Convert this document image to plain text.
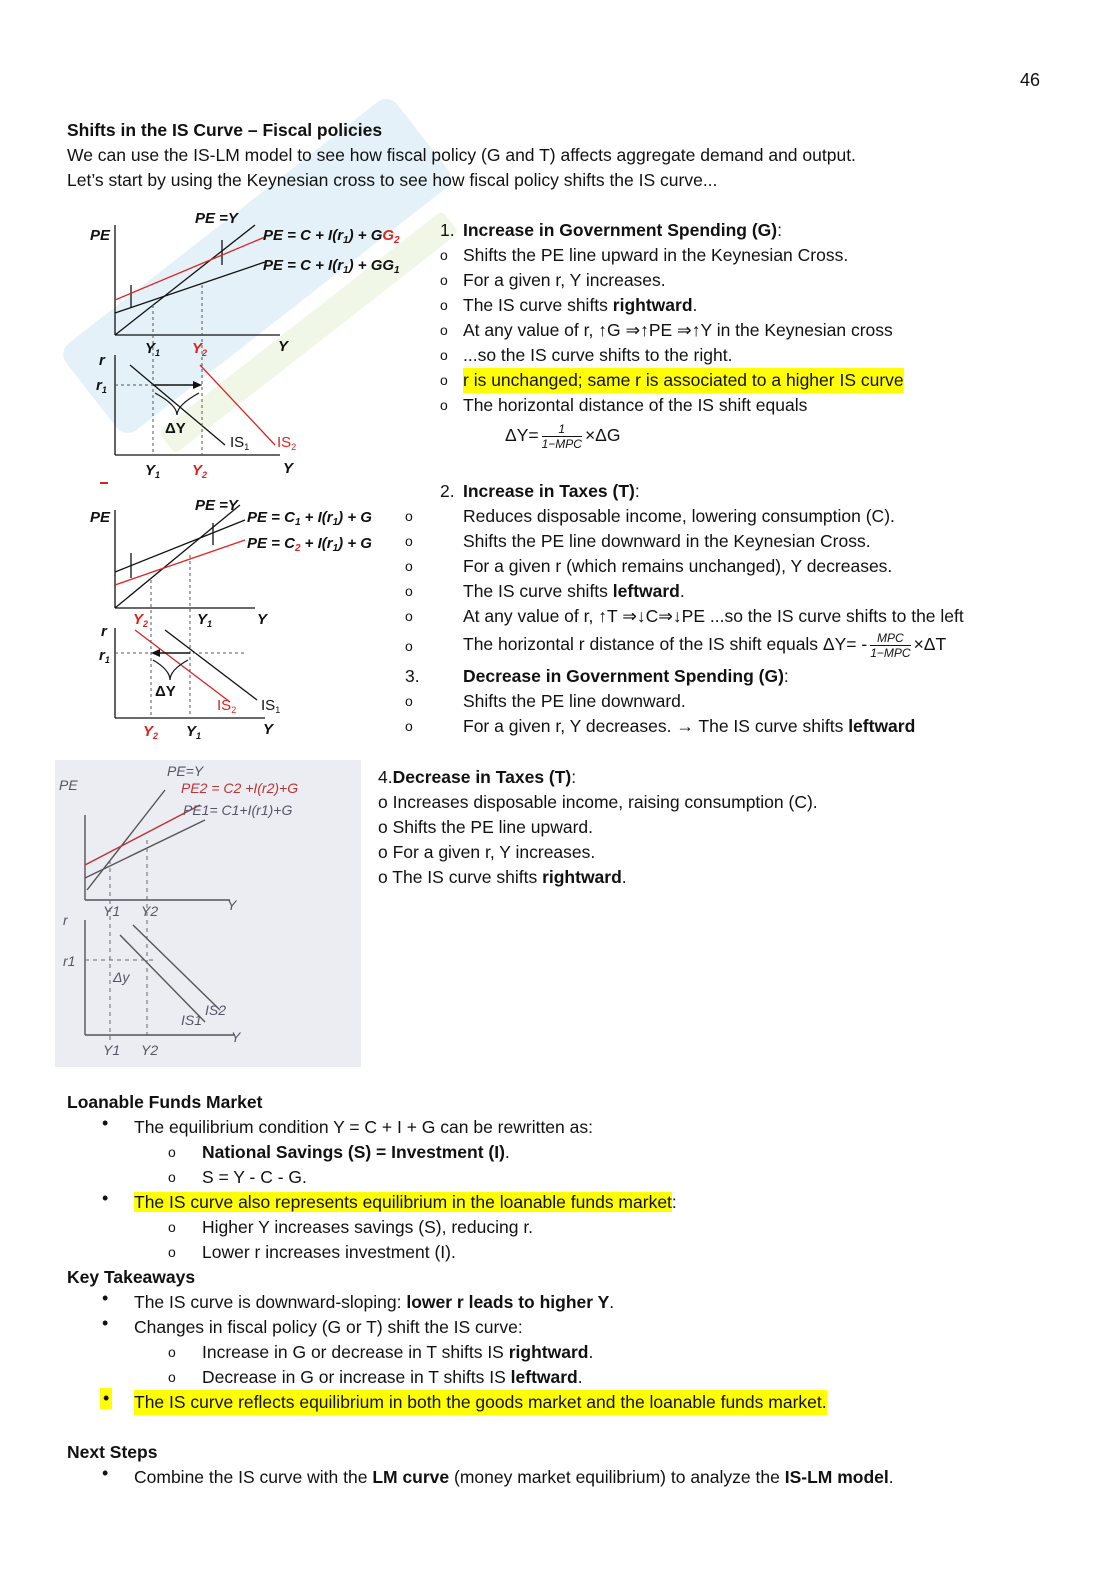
46
Shifts in the IS Curve – Fiscal policies
We can use the IS-LM model to see how fiscal policy (G and T) affects aggregate demand and output.
Let’s start by using the Keynesian cross to see how fiscal policy shifts the IS curve...
PE
PE =Y
PE = $C + I(r_1) + GG_2$
PE = $C + I(r_1) + GG_1$
$Y_1$ $Y_2$	Y
r
$r_1$
ΔY
$IS_1$ $IS_2$
$Y_1$ $Y_2$	Y
1. Increase in Government Spending (G):
o Shifts the PE line upward in the Keynesian Cross.
o For a given r, Y increases.
o The IS curve shifts rightward.
o At any value of r, ↑G ⇒↑PE ⇒↑Y in the Keynesian cross
o ...so the IS curve shifts to the right.
o r is unchanged; same r is associated to a higher IS curve
o The horizontal distance of the IS shift equals
$\Delta Y= \frac{1}{\text{1−MPC}} \times\Delta G$
PE
PE =Y
PE = $C_1 + I(r_1) + G$
PE = $C_2 + I(r_1) + G$
$Y_2$	$Y_1$	Y
r
$r_1$
ΔY
$IS_2$ $IS_1$
$Y_2$ $Y_1$	Y
2. Increase in Taxes (T):
o	Reduces disposable income, lowering consumption (C).
o	Shifts the PE line downward in the Keynesian Cross.
o	For a given r (which remains unchanged), Y decreases.
o	The IS curve shifts leftward.
o	At any value of r, ↑T ⇒↓C⇒↓PE ...so the IS curve shifts to the left
o	The horizontal r distance of the IS shift equals $\Delta Y= - \frac{\text{MPC}}{\text{1−MPC}} \times\Delta T$
3. Decrease in Government Spending (G):
o	Shifts the PE line downward.
o	For a given r, Y decreases. → The IS curve shifts leftward
PE
PE=Y
PE2 = C2 +I(r2)+G
PE1= C1+I(r1)+G
Y
Y1 Y2
r
r1
Δy
IS2
IS1
Y
Y1 Y2
4.Decrease in Taxes (T):
o Increases disposable income, raising consumption (C).
o Shifts the PE line upward.
o For a given r, Y increases.
o The IS curve shifts rightward.
Loanable Funds Market
• The equilibrium condition Y = C + I + G can be rewritten as:
o National Savings (S) = Investment (I).
o S = Y - C - G.
• The IS curve also represents equilibrium in the loanable funds market:
o Higher Y increases savings (S), reducing r.
o Lower r increases investment (I).
Key Takeaways
• The IS curve is downward-sloping: lower r leads to higher Y.
• Changes in fiscal policy (G or T) shift the IS curve:
o Increase in G or decrease in T shifts IS rightward.
o Decrease in G or increase in T shifts IS leftward.
• The IS curve reflects equilibrium in both the goods market and the loanable funds market.
Next Steps
• Combine the IS curve with the LM curve (money market equilibrium) to analyze the IS-LM model.
